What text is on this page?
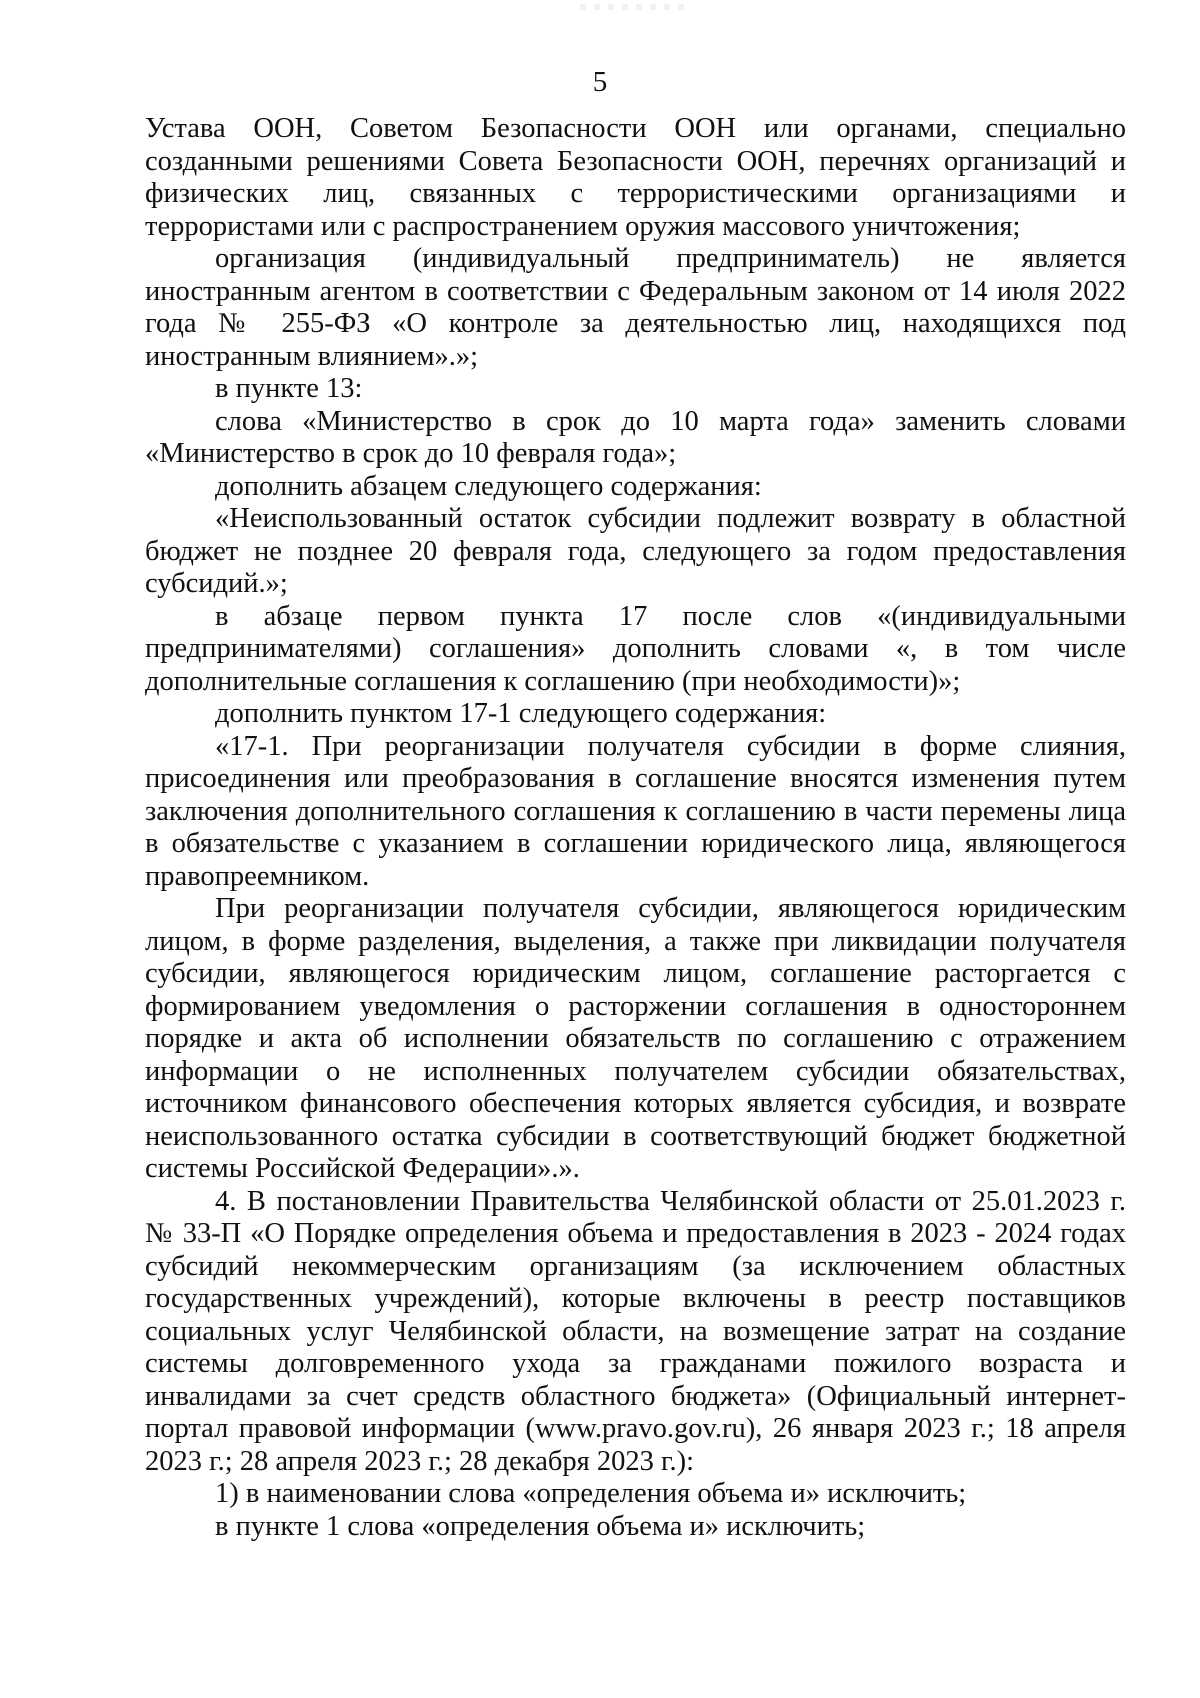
5

Устава ООН, Советом Безопасности ООН или органами, специально созданными решениями Совета Безопасности ООН, перечнях организаций и физических лиц, связанных с террористическими организациями и террористами или с распространением оружия массового уничтожения;

организация (индивидуальный предприниматель) не является иностранным агентом в соответствии с Федеральным законом от 14 июля 2022 года № 255-ФЗ «О контроле за деятельностью лиц, находящихся под иностранным влиянием».»;

в пункте 13:

слова «Министерство в срок до 10 марта года» заменить словами «Министерство в срок до 10 февраля года»;

дополнить абзацем следующего содержания:

«Неиспользованный остаток субсидии подлежит возврату в областной бюджет не позднее 20 февраля года, следующего за годом предоставления субсидий.»;

в абзаце первом пункта 17 после слов «(индивидуальными предпринимателями) соглашения» дополнить словами «, в том числе дополнительные соглашения к соглашению (при необходимости)»;

дополнить пунктом 17-1 следующего содержания:

«17-1. При реорганизации получателя субсидии в форме слияния, присоединения или преобразования в соглашение вносятся изменения путем заключения дополнительного соглашения к соглашению в части перемены лица в обязательстве с указанием в соглашении юридического лица, являющегося правопреемником.

При реорганизации получателя субсидии, являющегося юридическим лицом, в форме разделения, выделения, а также при ликвидации получателя субсидии, являющегося юридическим лицом, соглашение расторгается с формированием уведомления о расторжении соглашения в одностороннем порядке и акта об исполнении обязательств по соглашению с отражением информации о не исполненных получателем субсидии обязательствах, источником финансового обеспечения которых является субсидия, и возврате неиспользованного остатка субсидии в соответствующий бюджет бюджетной системы Российской Федерации».».

4. В постановлении Правительства Челябинской области от 25.01.2023 г. № 33-П «О Порядке определения объема и предоставления в 2023 - 2024 годах субсидий некоммерческим организациям (за исключением областных государственных учреждений), которые включены в реестр поставщиков социальных услуг Челябинской области, на возмещение затрат на создание системы долговременного ухода за гражданами пожилого возраста и инвалидами за счет средств областного бюджета» (Официальный интернет-портал правовой информации (www.pravo.gov.ru), 26 января 2023 г.; 18 апреля 2023 г.; 28 апреля 2023 г.; 28 декабря 2023 г.):

1) в наименовании слова «определения объема и» исключить;

в пункте 1 слова «определения объема и» исключить;
